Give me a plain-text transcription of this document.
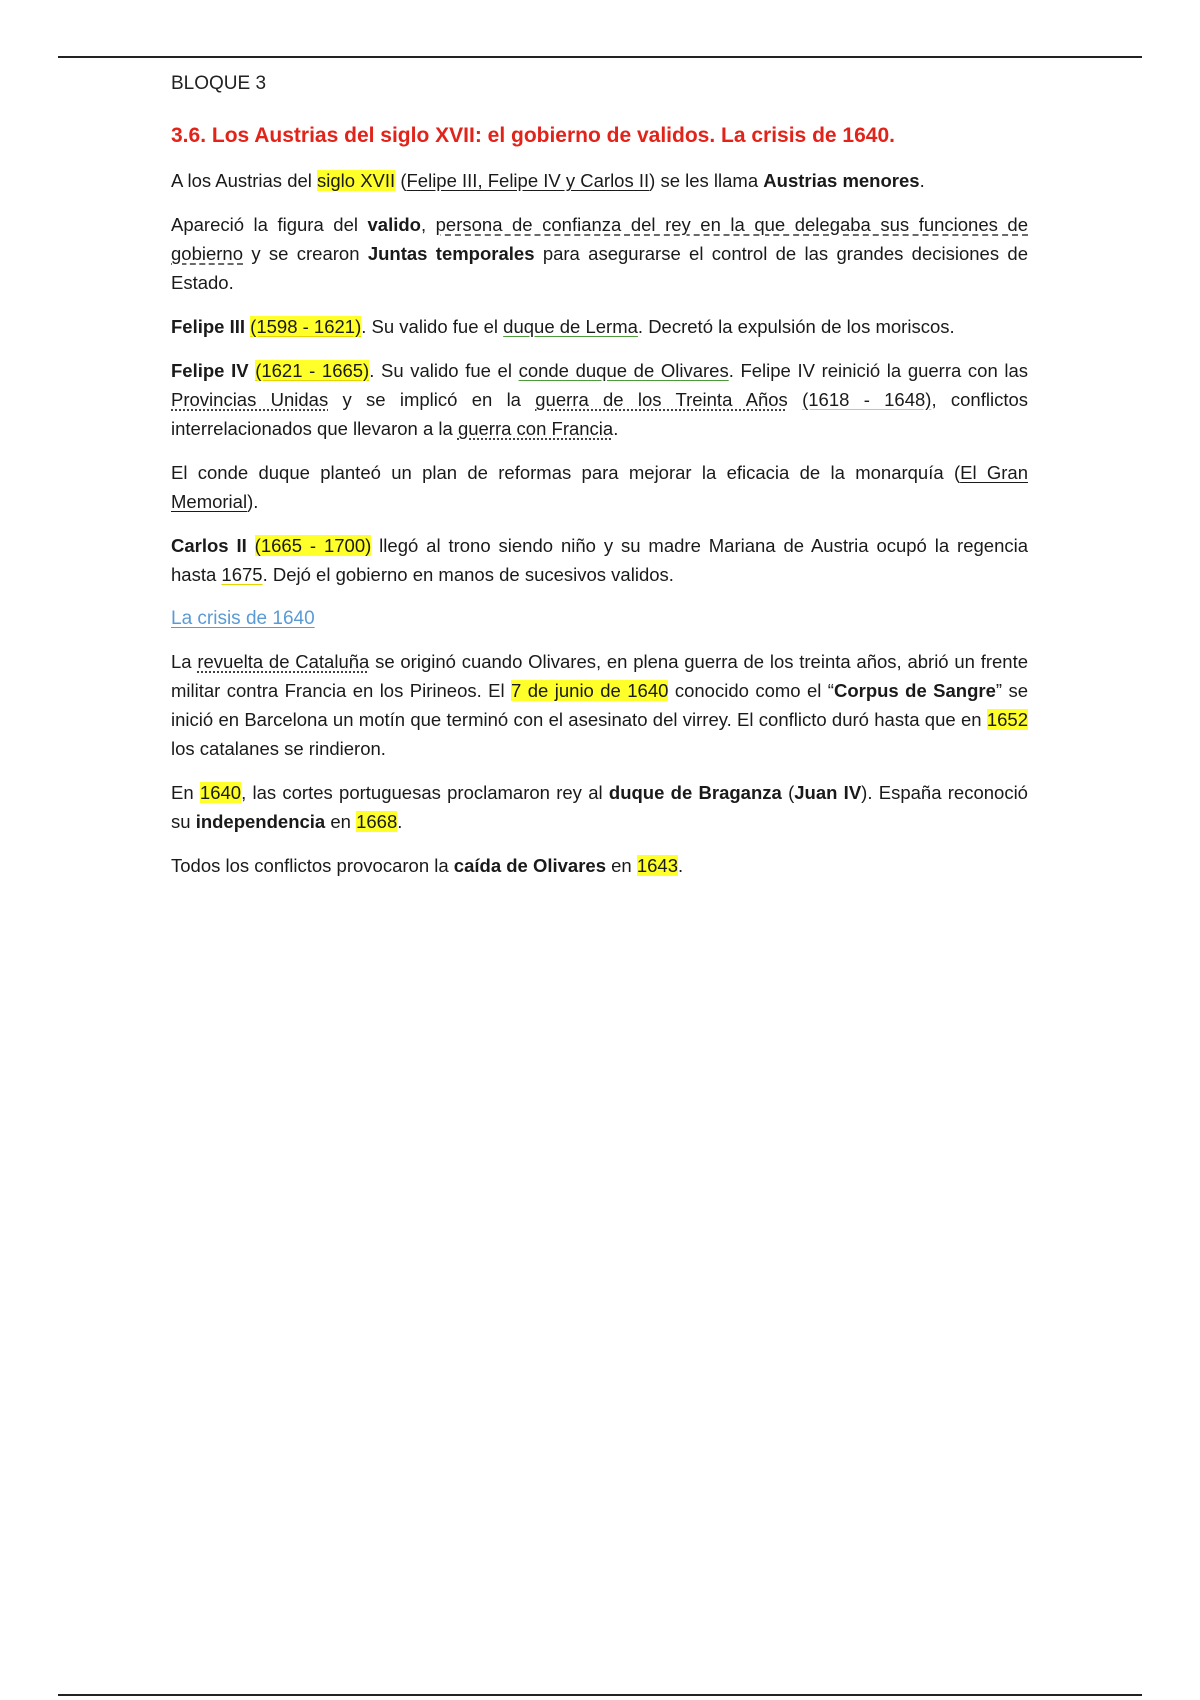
BLOQUE 3
3.6. Los Austrias del siglo XVII: el gobierno de validos. La crisis de 1640.

A los Austrias del siglo XVII (Felipe III, Felipe IV y Carlos II) se les llama Austrias menores.

Apareció la figura del valido, persona de confianza del rey en la que delegaba sus funciones de gobierno y se crearon Juntas temporales para asegurarse el control de las grandes decisiones de Estado.

Felipe III (1598 - 1621). Su valido fue el duque de Lerma. Decretó la expulsión de los moriscos.

Felipe IV (1621 - 1665). Su valido fue el conde duque de Olivares. Felipe IV reinició la guerra con las Provincias Unidas y se implicó en la guerra de los Treinta Años (1618 - 1648), conflictos interrelacionados que llevaron a la guerra con Francia.

El conde duque planteó un plan de reformas para mejorar la eficacia de la monarquía (El Gran Memorial).

Carlos II (1665 - 1700) llegó al trono siendo niño y su madre Mariana de Austria ocupó la regencia hasta 1675. Dejó el gobierno en manos de sucesivos validos.

La crisis de 1640

La revuelta de Cataluña se originó cuando Olivares, en plena guerra de los treinta años, abrió un frente militar contra Francia en los Pirineos. El 7 de junio de 1640 conocido como el “Corpus de Sangre” se inició en Barcelona un motín que terminó con el asesinato del virrey. El conflicto duró hasta que en 1652 los catalanes se rindieron.

En 1640, las cortes portuguesas proclamaron rey al duque de Braganza (Juan IV). España reconoció su independencia en 1668.

Todos los conflictos provocaron la caída de Olivares en 1643.
